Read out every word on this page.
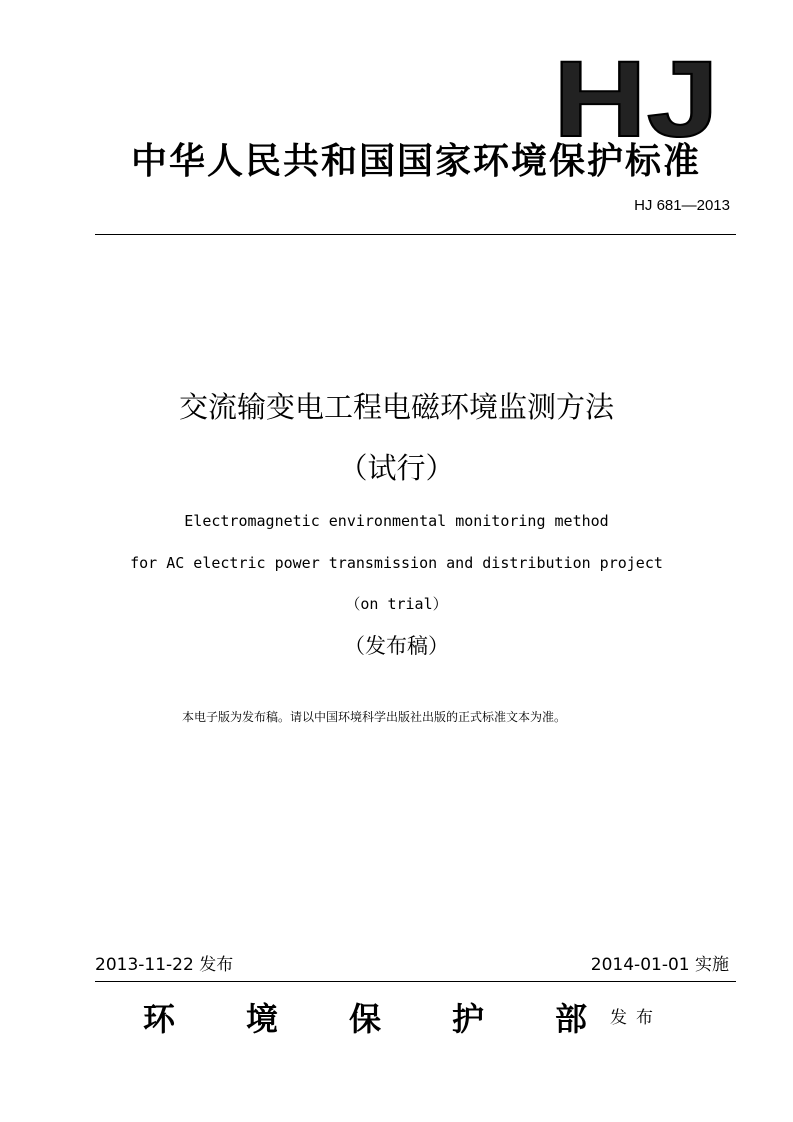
HJ
中华人民共和国国家环境保护标准
HJ 681—2013
交流输变电工程电磁环境监测方法
（试行）
Electromagnetic environmental monitoring method
for AC electric power transmission and distribution project
（on trial）
（发布稿）
本电子版为发布稿。请以中国环境科学出版社出版的正式标准文本为准。
2013-11-22 发布	2014-01-01 实施
环	境	保	护	部	发布
